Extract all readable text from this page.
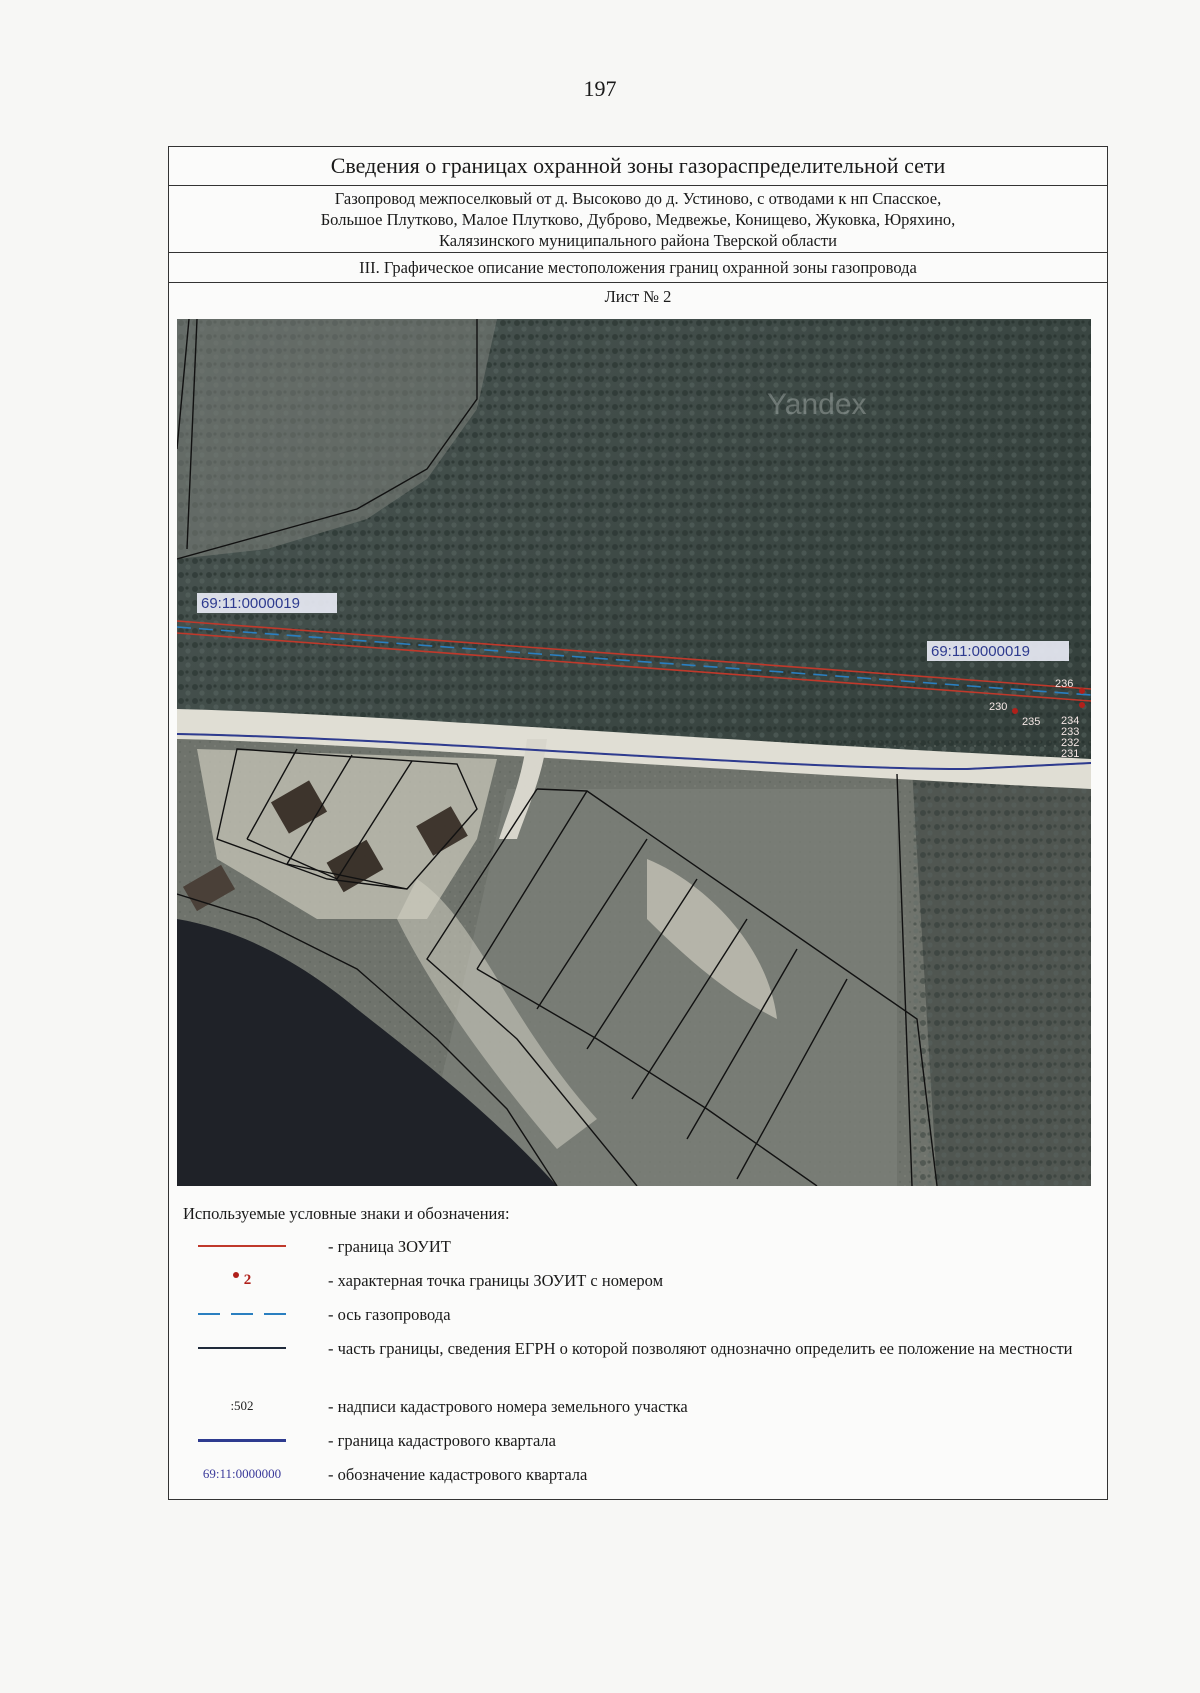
197
Сведения о границах охранной зоны газораспределительной сети
Газопровод межпоселковый от д. Высоково до д. Устиново, с отводами к нп Спасское,
Большое Плутково, Малое Плутково, Дуброво, Медвежье, Конищево, Жуковка, Юряхино,
Калязинского муниципального района Тверской области
III. Графическое описание местоположения границ охранной зоны газопровода
Лист № 2
Yandex
69:11:0000019
69:11:0000019
236
235 234
233
232
231
230
Используемые условные знаки и обозначения:
- граница ЗОУИТ
2	- характерная точка границы ЗОУИТ с номером
- ось газопровода
- часть границы, сведения ЕГРН о которой позволяют однозначно определить ее положение на местности
:502	- надписи кадастрового номера земельного участка
- граница кадастрового квартала
69:11:0000000	- обозначение кадастрового квартала
